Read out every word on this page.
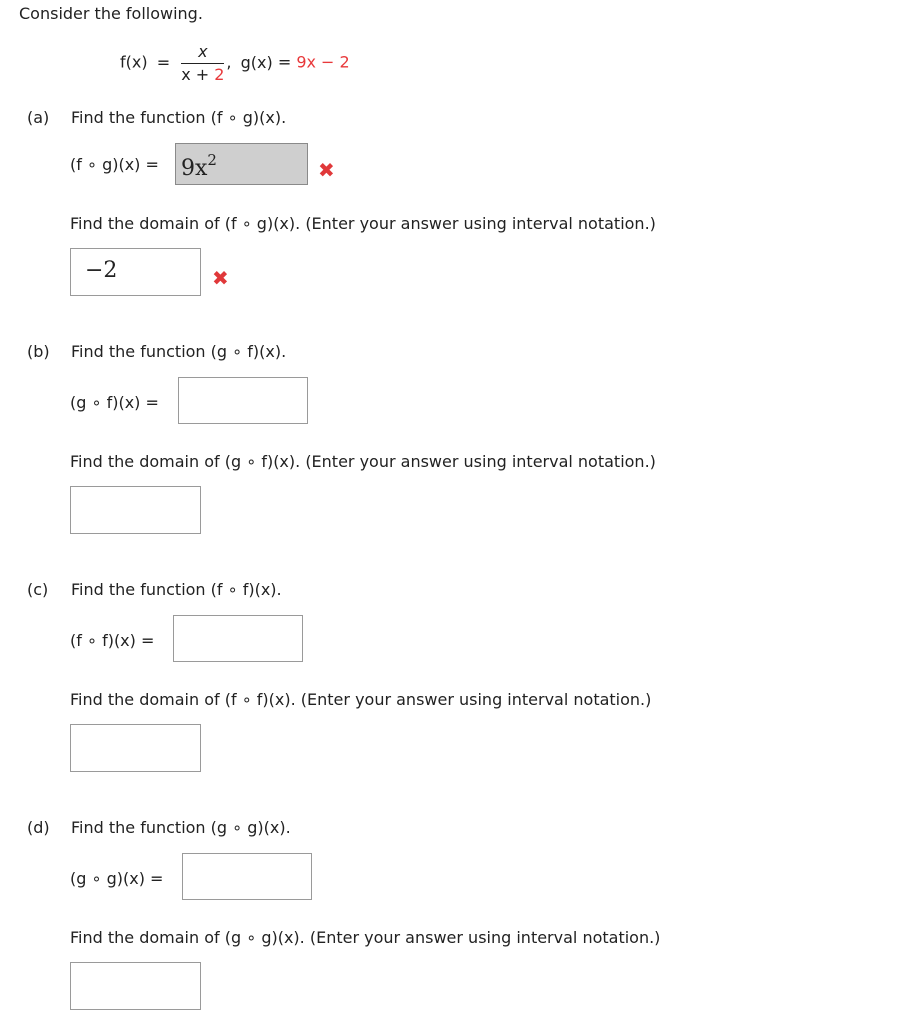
Consider the following.
$f(x) = \frac{x}{x + 2}$ , g(x) = 9x − 2
(a) Find the function (f ∘ g)(x).
(f ∘ $g)(x) = 9x^2$	✖
Find the domain of (f ∘ g)(x). (Enter your answer using interval notation.)
−2	✖
(b) Find the function (g ∘ f)(x).
(g ∘ f)(x) =
Find the domain of (g ∘ f)(x). (Enter your answer using interval notation.)
(c) Find the function (f ∘ f)(x).
(f ∘ f)(x) =
Find the domain of (f ∘ f)(x). (Enter your answer using interval notation.)
(d) Find the function (g ∘ g)(x).
(g ∘ g)(x) =
Find the domain of (g ∘ g)(x). (Enter your answer using interval notation.)
